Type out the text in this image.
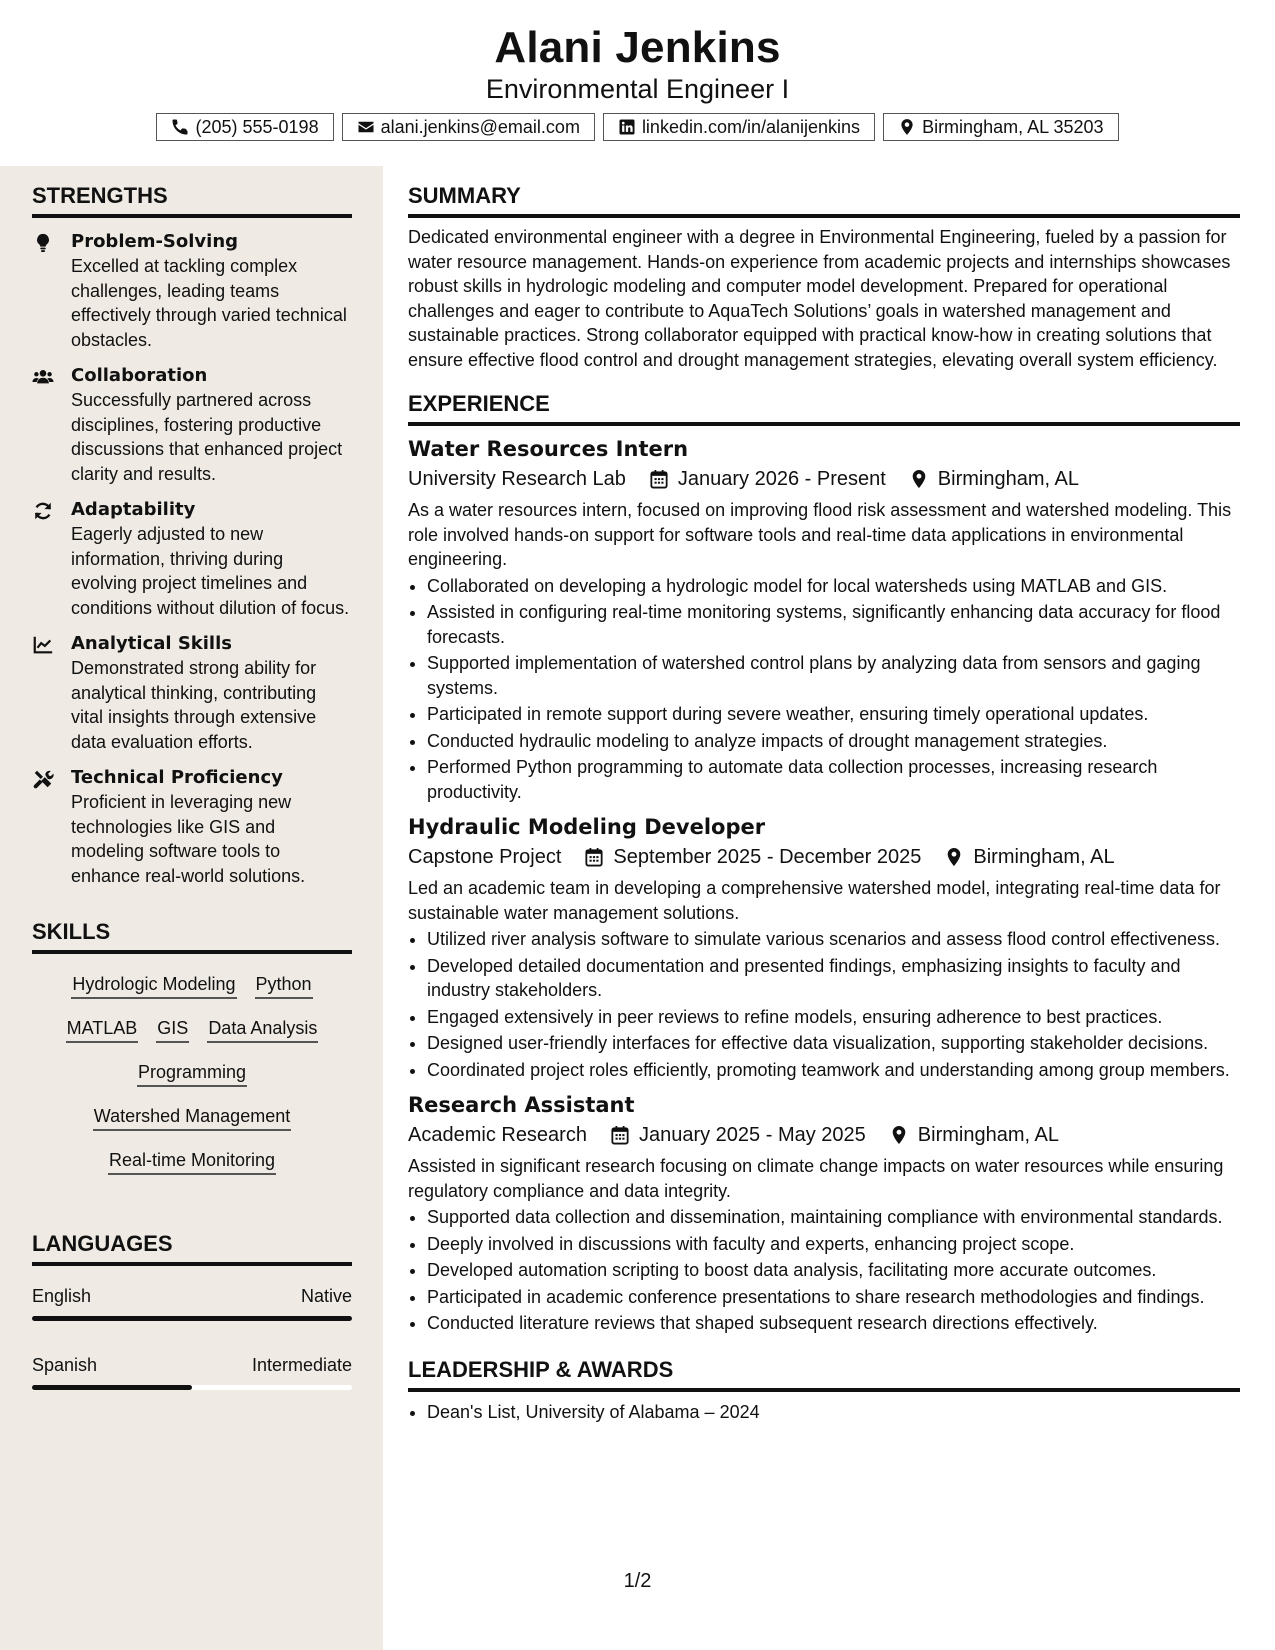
Alani Jenkins
Environmental Engineer I
(205) 555-0198	alani.jenkins@email.com	linkedin.com/in/alanijenkins	Birmingham, AL 35203
STRENGTHS
Problem-Solving
Excelled at tackling complex challenges, leading teams effectively through varied technical obstacles.
Collaboration
Successfully partnered across disciplines, fostering productive discussions that enhanced project clarity and results.
Adaptability
Eagerly adjusted to new information, thriving during evolving project timelines and conditions without dilution of focus.
Analytical Skills
Demonstrated strong ability for analytical thinking, contributing vital insights through extensive data evaluation efforts.
Technical Proficiency
Proficient in leveraging new technologies like GIS and modeling software tools to enhance real-world solutions.
SKILLS
Hydrologic Modeling Python
MATLAB GIS Data Analysis
Programming
Watershed Management
Real-time Monitoring
LANGUAGES
English	Native
Spanish	Intermediate
SUMMARY
Dedicated environmental engineer with a degree in Environmental Engineering, fueled by a passion for water resource management. Hands-on experience from academic projects and internships showcases robust skills in hydrologic modeling and computer model development. Prepared for operational challenges and eager to contribute to AquaTech Solutions’ goals in watershed management and sustainable practices. Strong collaborator equipped with practical know-how in creating solutions that ensure effective flood control and drought management strategies, elevating overall system efficiency.
EXPERIENCE
Water Resources Intern
University Research Lab	January 2026 - Present	Birmingham, AL
As a water resources intern, focused on improving flood risk assessment and watershed modeling. This role involved hands-on support for software tools and real-time data applications in environmental engineering.
• Collaborated on developing a hydrologic model for local watersheds using MATLAB and GIS.
• Assisted in configuring real-time monitoring systems, significantly enhancing data accuracy for flood forecasts.
• Supported implementation of watershed control plans by analyzing data from sensors and gaging systems.
• Participated in remote support during severe weather, ensuring timely operational updates.
• Conducted hydraulic modeling to analyze impacts of drought management strategies.
• Performed Python programming to automate data collection processes, increasing research productivity.
Hydraulic Modeling Developer
Capstone Project	September 2025 - December 2025	Birmingham, AL
Led an academic team in developing a comprehensive watershed model, integrating real-time data for sustainable water management solutions.
• Utilized river analysis software to simulate various scenarios and assess flood control effectiveness.
• Developed detailed documentation and presented findings, emphasizing insights to faculty and industry stakeholders.
• Engaged extensively in peer reviews to refine models, ensuring adherence to best practices.
• Designed user-friendly interfaces for effective data visualization, supporting stakeholder decisions.
• Coordinated project roles efficiently, promoting teamwork and understanding among group members.
Research Assistant
Academic Research	January 2025 - May 2025	Birmingham, AL
Assisted in significant research focusing on climate change impacts on water resources while ensuring regulatory compliance and data integrity.
• Supported data collection and dissemination, maintaining compliance with environmental standards.
• Deeply involved in discussions with faculty and experts, enhancing project scope.
• Developed automation scripting to boost data analysis, facilitating more accurate outcomes.
• Participated in academic conference presentations to share research methodologies and findings.
• Conducted literature reviews that shaped subsequent research directions effectively.
LEADERSHIP & AWARDS
• Dean's List, University of Alabama – 2024
1/2
